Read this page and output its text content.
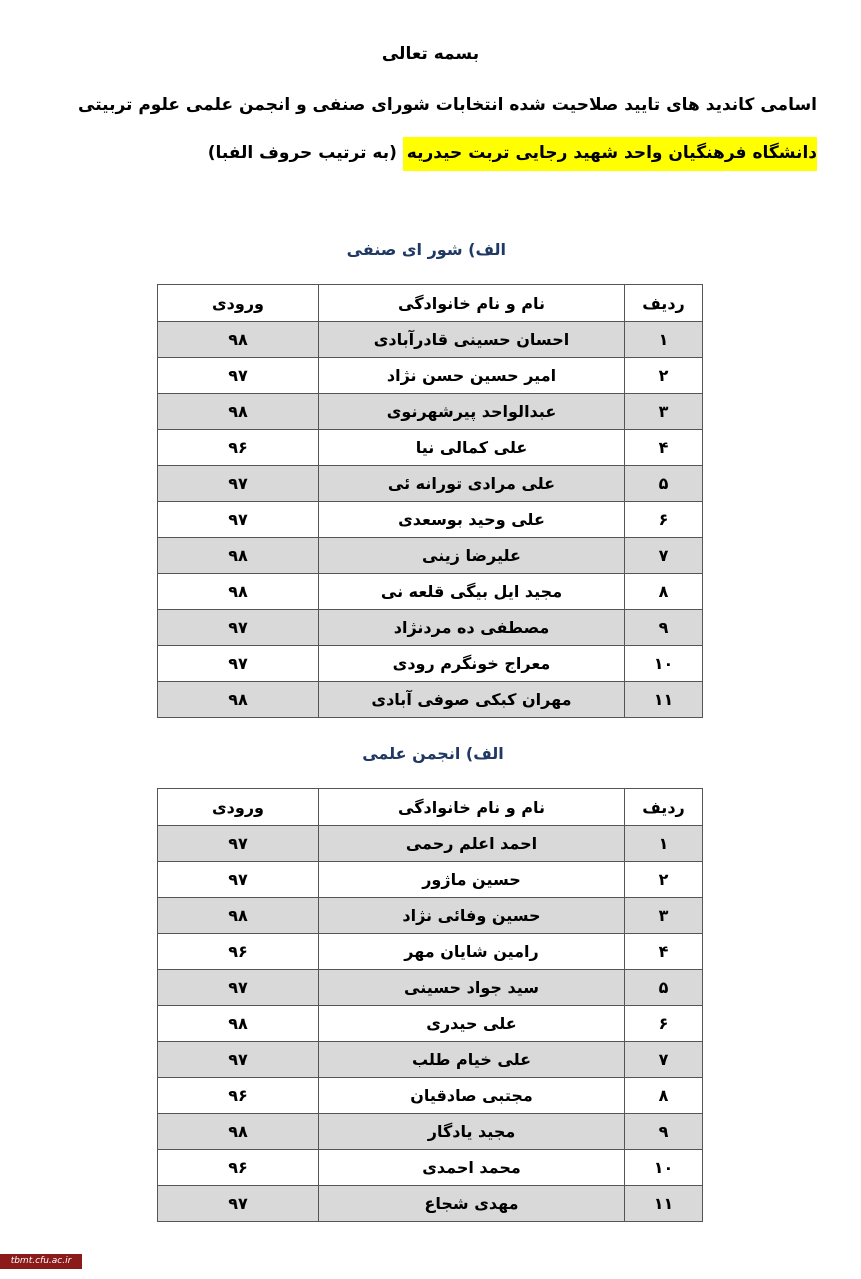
بسمه تعالی
اسامی کاندید های تایید صلاحیت شده انتخابات شورای صنفی و انجمن علمی علوم تربیتی
دانشگاه فرهنگیان واحد شهید رجایی تربت حیدریه (به ترتیب حروف الفبا)
الف) شور ای صنفی
ردیف	نام و نام خانوادگی	ورودی
۱	احسان حسینی قادرآبادی	۹۸
۲	امیر حسین حسن نژاد	۹۷
۳	عبدالواحد پیرشهرنوی	۹۸
۴	علی کمالی نیا	۹۶
۵	علی مرادی تورانه ئی	۹۷
۶	علی وحید بوسعدی	۹۷
۷	علیرضا زینی	۹۸
۸	مجید ایل بیگی قلعه نی	۹۸
۹	مصطفی ده مردنژاد	۹۷
۱۰	معراج خونگرم رودی	۹۷
۱۱	مهران کبکی صوفی آبادی	۹۸
الف) انجمن علمی
ردیف	نام و نام خانوادگی	ورودی
۱	احمد اعلم رحمی	۹۷
۲	حسین ماژور	۹۷
۳	حسین وفائی نژاد	۹۸
۴	رامین شایان مهر	۹۶
۵	سید جواد حسینی	۹۷
۶	علی حیدری	۹۸
۷	علی خیام طلب	۹۷
۸	مجتبی صادقیان	۹۶
۹	مجید یادگار	۹۸
۱۰	محمد احمدی	۹۶
۱۱	مهدی شجاع	۹۷
tbmt.cfu.ac.ir
